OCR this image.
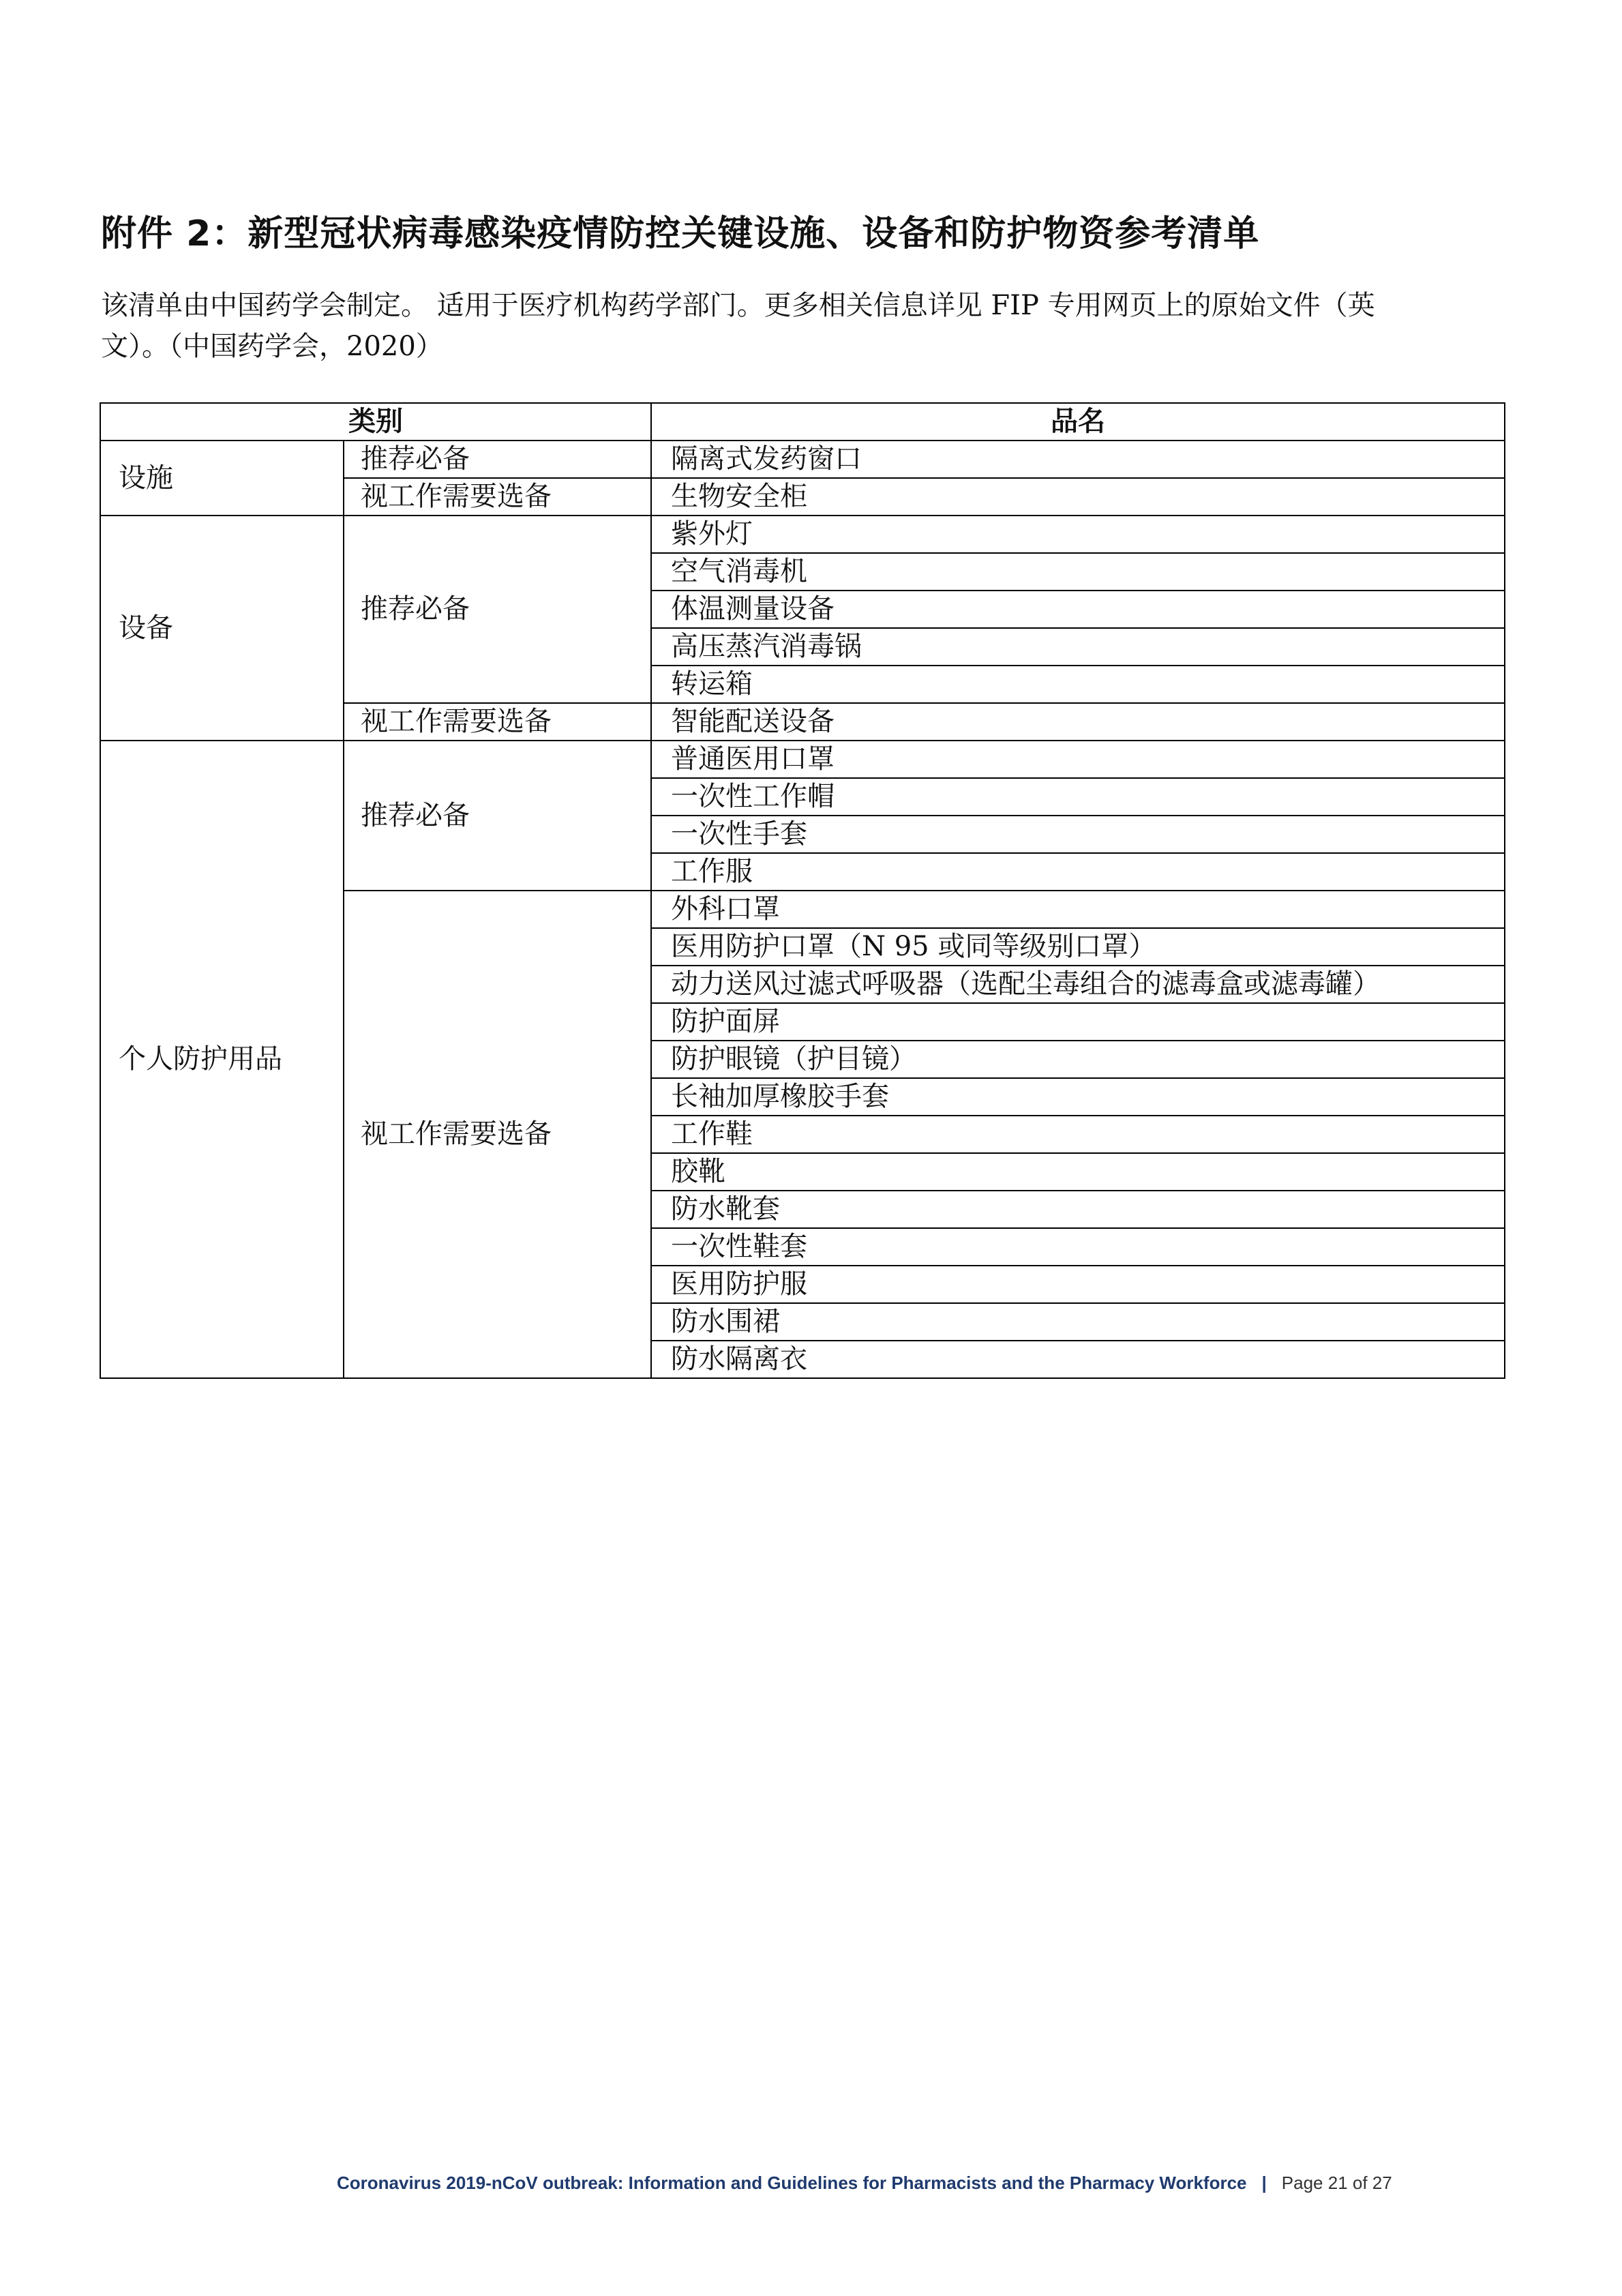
附件 2：新型冠状病毒感染疫情防控关键设施、设备和防护物资参考清单
该清单由中国药学会制定。 适用于医疗机构药学部门。更多相关信息详见 FIP 专用网页上的原始文件（英
文）。（中国药学会，2020）
类别		品名
设施	推荐必备	隔离式发药窗口
	视工作需要选备	生物安全柜
设备	推荐必备	紫外灯
		空气消毒机
		体温测量设备
		高压蒸汽消毒锅
		转运箱
	视工作需要选备	智能配送设备
个人防护用品	推荐必备	普通医用口罩
		一次性工作帽
		一次性手套
		工作服
	视工作需要选备	外科口罩
		医用防护口罩（N 95 或同等级别口罩）
		动力送风过滤式呼吸器（选配尘毒组合的滤毒盒或滤毒罐）
		防护面屏
		防护眼镜（护目镜）
		长袖加厚橡胶手套
		工作鞋
		胶靴
		防水靴套
		一次性鞋套
		医用防护服
		防水围裙
		防水隔离衣
Coronavirus 2019-nCoV outbreak: Information and Guidelines for Pharmacists and the Pharmacy Workforce | Page 21 of 27
